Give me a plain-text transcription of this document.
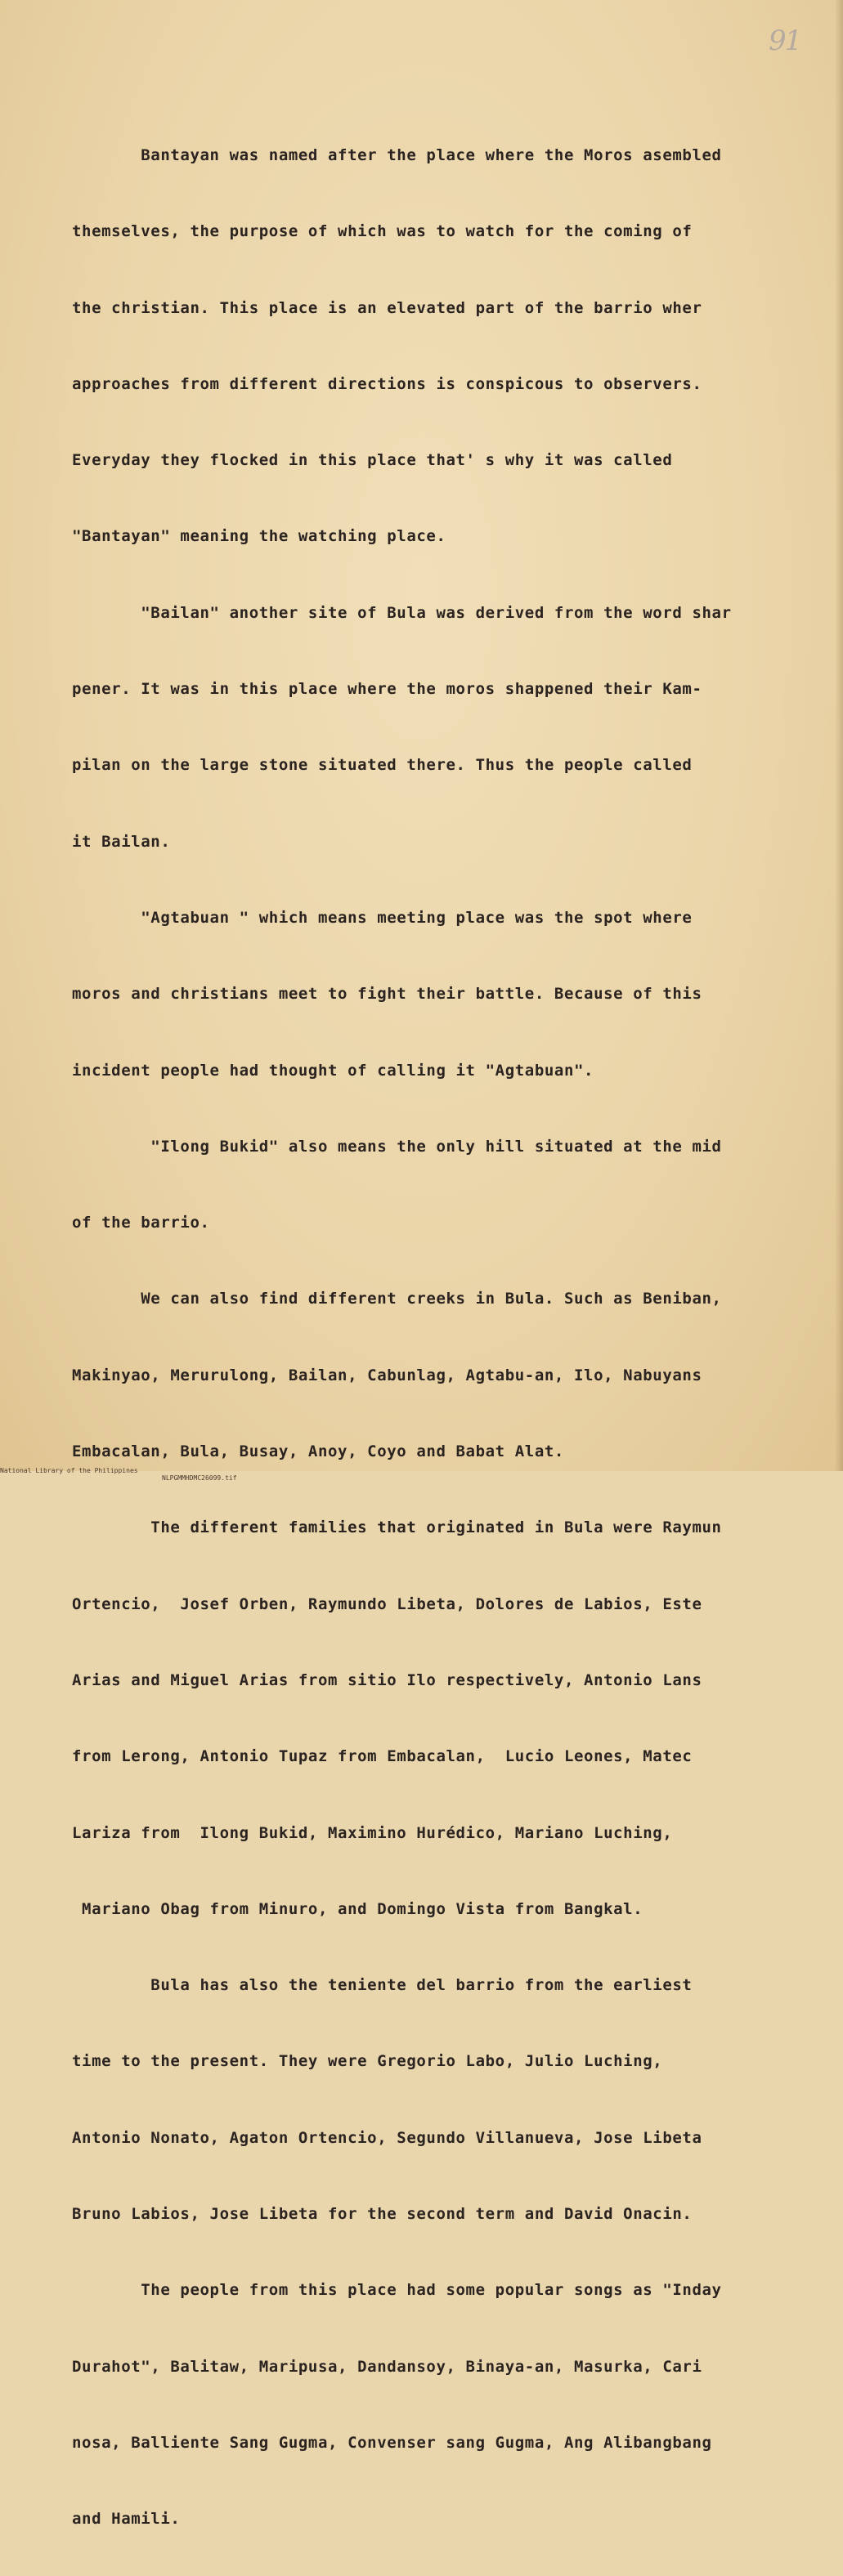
91

Bantayan was named after the place where the Moros asembled

themselves, the purpose of which was to watch for the coming of

the christian. This place is an elevated part of the barrio wher

approaches from different directions is conspicous to observers.

Everyday they flocked in this place that' s why it was called

"Bantayan" meaning the watching place.

"Bailan" another site of Bula was derived from the word shar

pener. It was in this place where the moros shappened their Kam-

pilan on the large stone situated there. Thus the people called

it Bailan.

"Agtabuan " which means meeting place was the spot where

moros and christians meet to fight their battle. Because of this

incident people had thought of calling it "Agtabuan".

"Ilong Bukid" also means the only hill situated at the mid

of the barrio.

We can also find different creeks in Bula. Such as Beniban,

Makinyao, Merurulong, Bailan, Cabunlag, Agtabu-an, Ilo, Nabuyans

Embacalan, Bula, Busay, Anoy, Coyo and Babat Alat.

The different families that originated in Bula were Raymun

Ortencio,  Josef Orben, Raymundo Libeta, Dolores de Labios, Este

Arias and Miguel Arias from sitio Ilo respectively, Antonio Lans

from Lerong, Antonio Tupaz from Embacalan,  Lucio Leones, Matec

Lariza from  Ilong Bukid, Maximino Hurédico, Mariano Luching,

Mariano Obag from Minuro, and Domingo Vista from Bangkal.

Bula has also the teniente del barrio from the earliest

time to the present. They were Gregorio Labo, Julio Luching,

Antonio Nonato, Agaton Ortencio, Segundo Villanueva, Jose Libeta

Bruno Labios, Jose Libeta for the second term and David Onacin.

The people from this place had some popular songs as "Inday

Durahot", Balitaw, Maripusa, Dandansoy, Binaya-an, Masurka, Cari

nosa, Balliente Sang Gugma, Convenser sang Gugma, Ang Alibangbang

and Hamili.

National Library of the Philippines

NLPGMMHDMC26099.tif
